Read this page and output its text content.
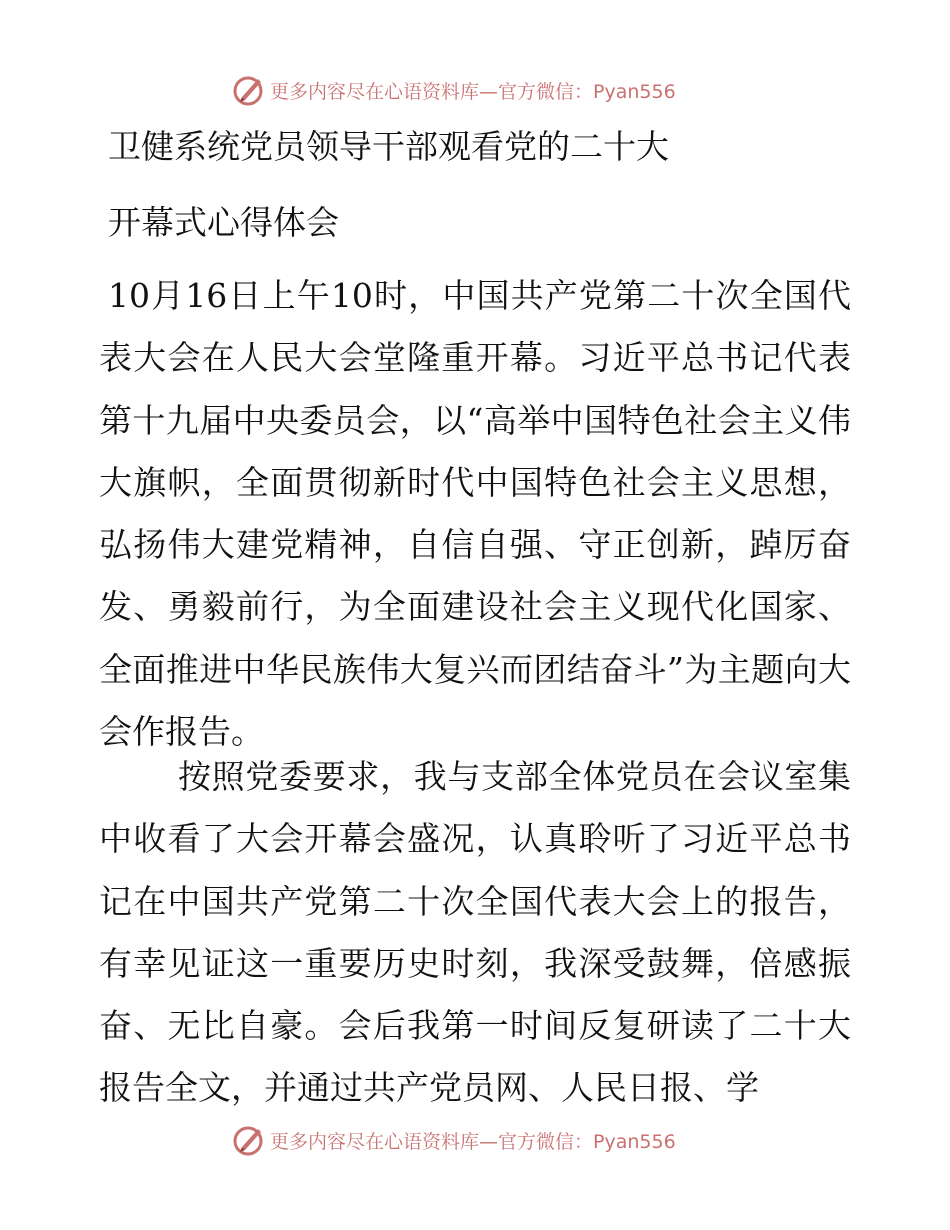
更多内容尽在心语资料库—官方微信：Pyan556
卫健系统党员领导干部观看党的二十大
开幕式心得体会

10月16日上午10时，中国共产党第二十次全国代表大会在人民大会堂隆重开幕。习近平总书记代表第十九届中央委员会，以“高举中国特色社会主义伟大旗帜，全面贯彻新时代中国特色社会主义思想，弘扬伟大建党精神，自信自强、守正创新，踔厉奋发、勇毅前行，为全面建设社会主义现代化国家、全面推进中华民族伟大复兴而团结奋斗”为主题向大会作报告。

按照党委要求，我与支部全体党员在会议室集中收看了大会开幕会盛况，认真聆听了习近平总书记在中国共产党第二十次全国代表大会上的报告，有幸见证这一重要历史时刻，我深受鼓舞，倍感振奋、无比自豪。会后我第一时间反复研读了二十大报告全文，并通过共产党员网、人民日报、学

更多内容尽在心语资料库—官方微信：Pyan556
